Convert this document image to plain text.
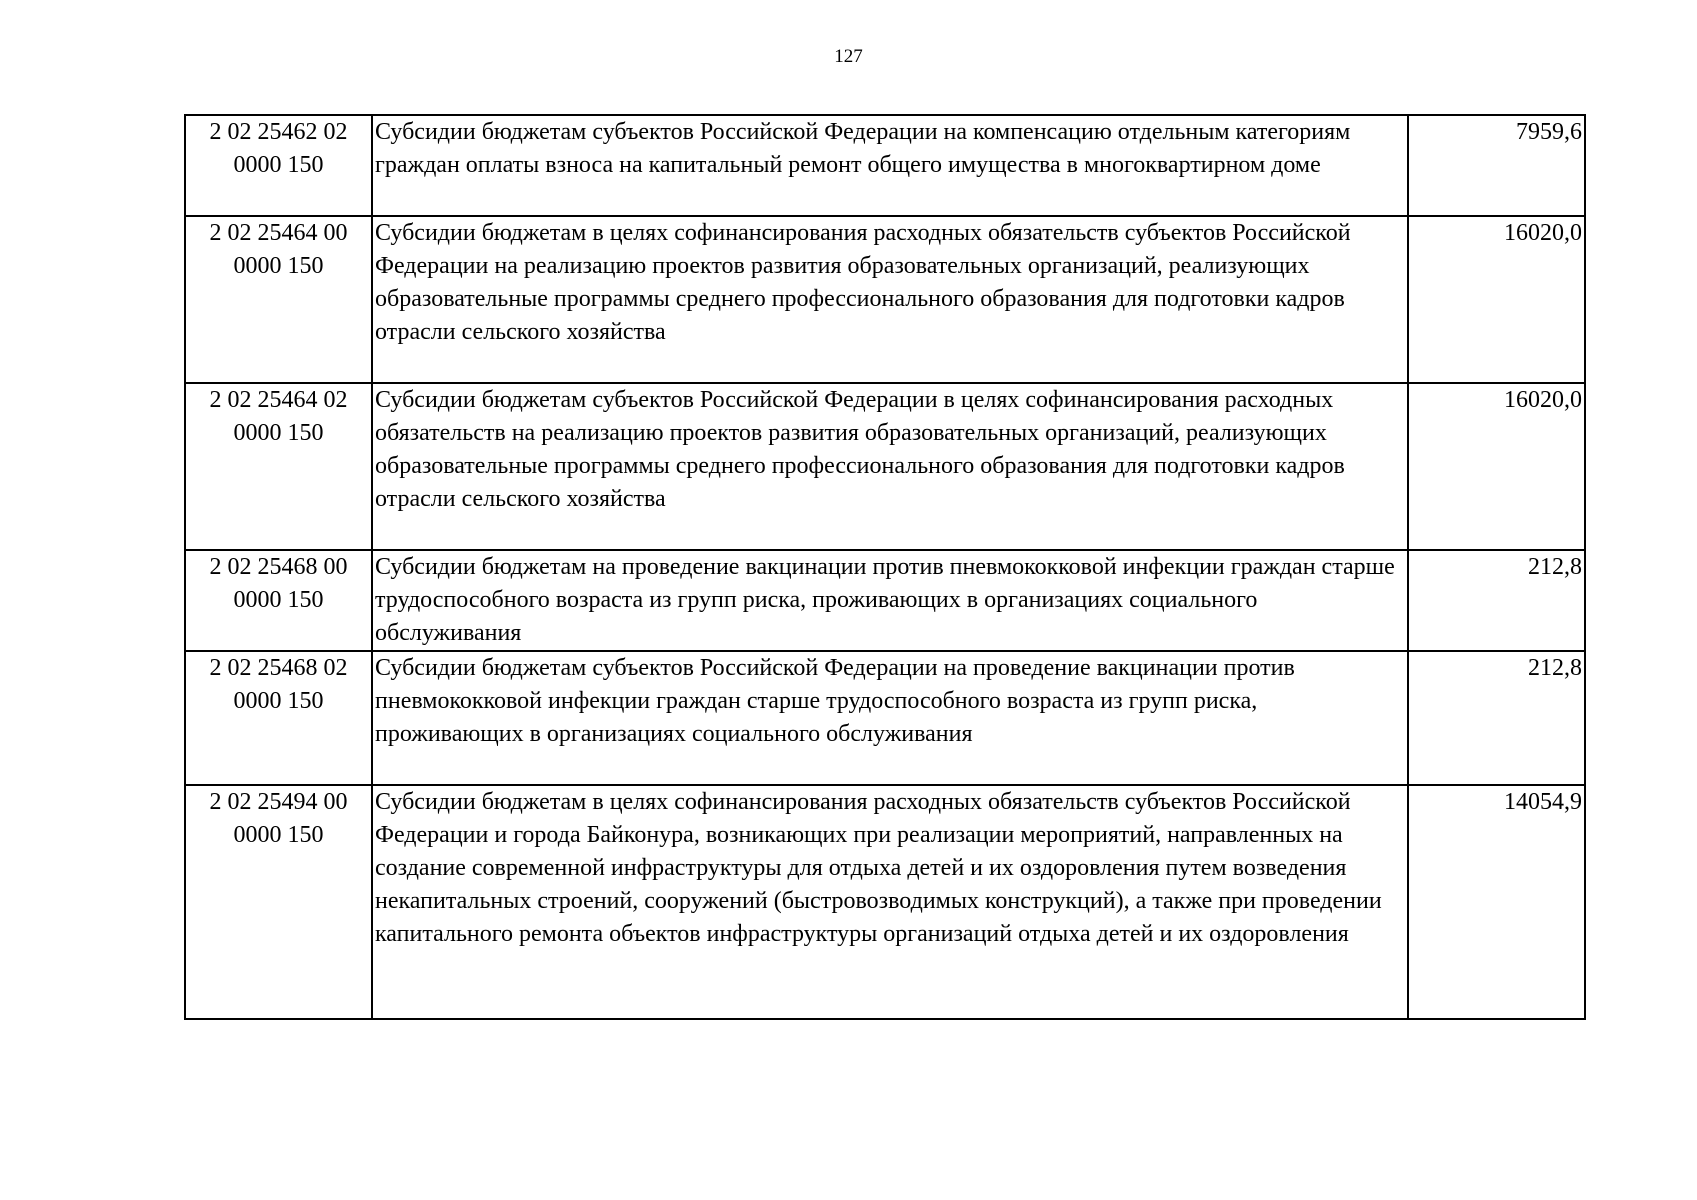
127
2 02 25462 02
0000 150	Субсидии бюджетам субъектов Российской Федерации на компенсацию отдельным категориям граждан оплаты взноса на капитальный ремонт общего имущества в многоквартирном доме	7959,6

2 02 25464 00
0000 150	Субсидии бюджетам в целях софинансирования расходных обязательств субъектов Российской Федерации на реализацию проектов развития образовательных организаций, реализующих образовательные программы среднего профессионального образования для подготовки кадров отрасли сельского хозяйства	16020,0

2 02 25464 02
0000 150	Субсидии бюджетам субъектов Российской Федерации в целях софинансирования расходных обязательств на реализацию проектов развития образовательных организаций, реализующих образовательные программы среднего профессионального образования для подготовки кадров отрасли сельского хозяйства	16020,0

2 02 25468 00
0000 150	Субсидии бюджетам на проведение вакцинации против пневмококковой инфекции граждан старше трудоспособного возраста из групп риска, проживающих в организациях социального обслуживания	212,8

2 02 25468 02
0000 150	Субсидии бюджетам субъектов Российской Федерации на проведение вакцинации против пневмококковой инфекции граждан старше трудоспособного возраста из групп риска, проживающих в организациях социального обслуживания	212,8

2 02 25494 00
0000 150	Субсидии бюджетам в целях софинансирования расходных обязательств субъектов Российской Федерации и города Байконура, возникающих при реализации мероприятий, направленных на создание современной инфраструктуры для отдыха детей и их оздоровления путем возведения некапитальных строений, сооружений (быстровозводимых конструкций), а также при проведении капитального ремонта объектов инфраструктуры организаций отдыха детей и их оздоровления	14054,9
